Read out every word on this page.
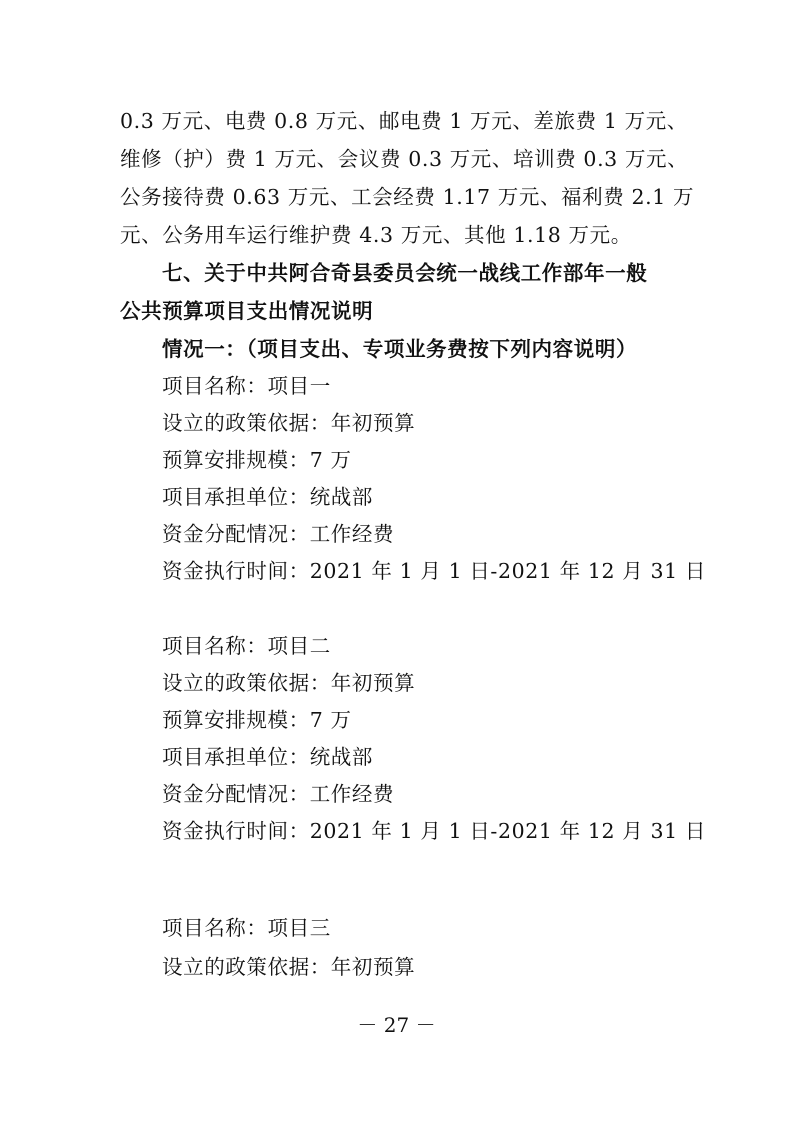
0.3 万元、电费 0.8 万元、邮电费 1 万元、差旅费 1 万元、
维修（护）费 1 万元、会议费 0.3 万元、培训费 0.3 万元、
公务接待费 0.63 万元、工会经费 1.17 万元、福利费 2.1 万
元、公务用车运行维护费 4.3 万元、其他 1.18 万元。
七、关于中共阿合奇县委员会统一战线工作部年一般
公共预算项目支出情况说明
情况一：（项目支出、专项业务费按下列内容说明）
项目名称：项目一
设立的政策依据：年初预算
预算安排规模：7 万
项目承担单位：统战部
资金分配情况：工作经费
资金执行时间：2021 年 1 月 1 日-2021 年 12 月 31 日
项目名称：项目二
设立的政策依据：年初预算
预算安排规模：7 万
项目承担单位：统战部
资金分配情况：工作经费
资金执行时间：2021 年 1 月 1 日-2021 年 12 月 31 日
项目名称：项目三
设立的政策依据：年初预算
－ 27 －
